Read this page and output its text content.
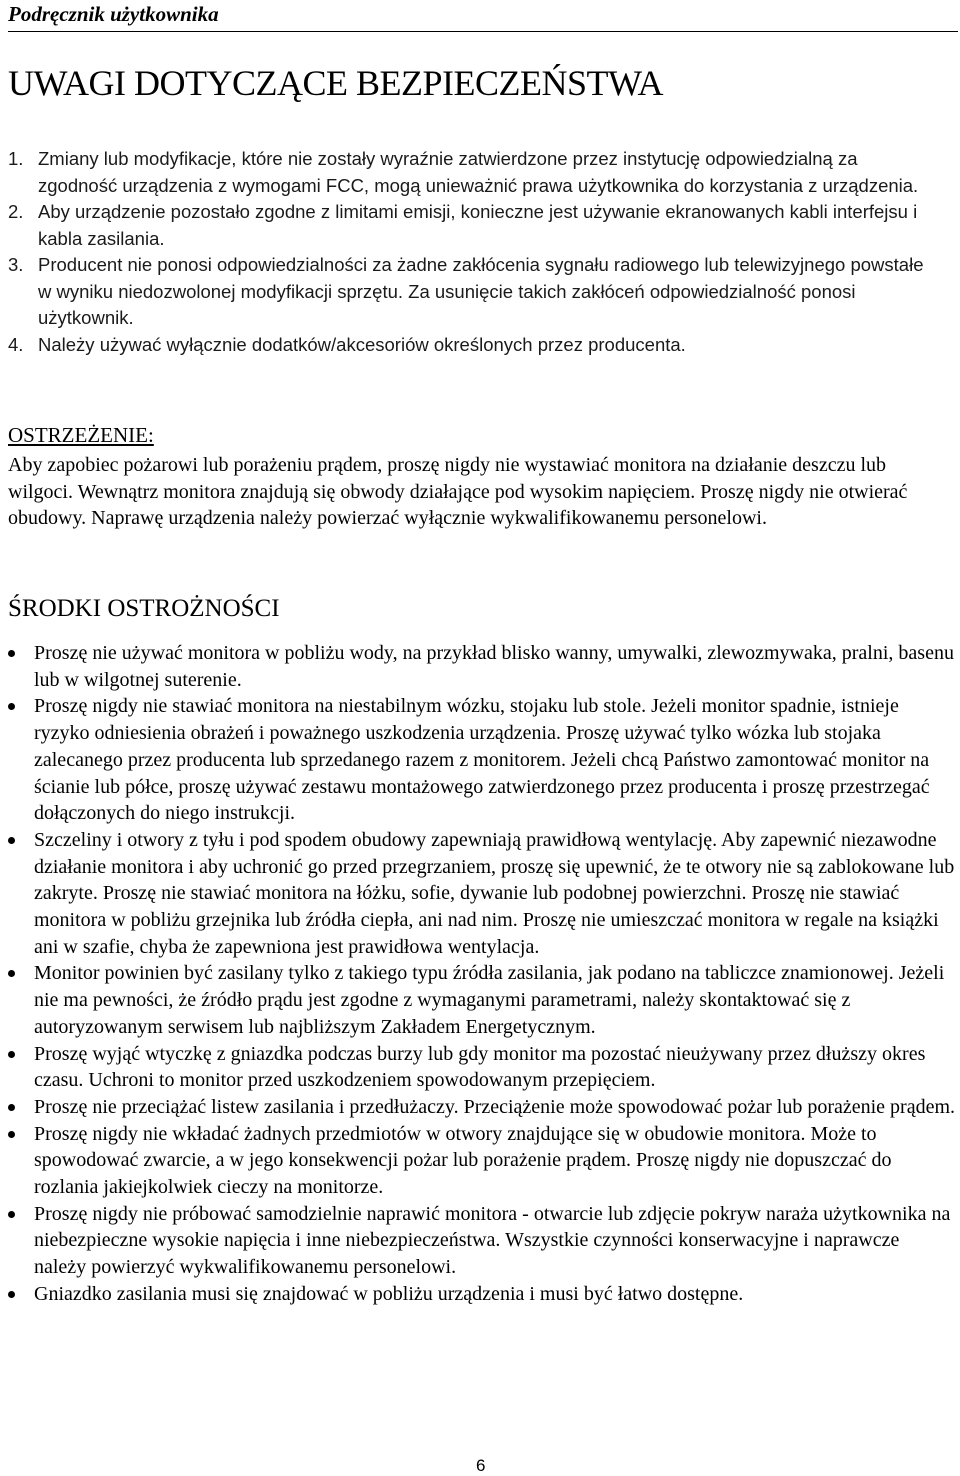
Podręcznik użytkownika
UWAGI DOTYCZĄCE BEZPIECZEŃSTWA
1. Zmiany lub modyfikacje, które nie zostały wyraźnie zatwierdzone przez instytucję odpowiedzialną za zgodność urządzenia z wymogami FCC, mogą unieważnić prawa użytkownika do korzystania z urządzenia.
2. Aby urządzenie pozostało zgodne z limitami emisji, konieczne jest używanie ekranowanych kabli interfejsu i kabla zasilania.
3. Producent nie ponosi odpowiedzialności za żadne zakłócenia sygnału radiowego lub telewizyjnego powstałe w wyniku niedozwolonej modyfikacji sprzętu. Za usunięcie takich zakłóceń odpowiedzialność ponosi użytkownik.
4. Należy używać wyłącznie dodatków/akcesoriów określonych przez producenta.
OSTRZEŻENIE:

Aby zapobiec pożarowi lub porażeniu prądem, proszę nigdy nie wystawiać monitora na działanie deszczu lub wilgoci. Wewnątrz monitora znajdują się obwody działające pod wysokim napięciem. Proszę nigdy nie otwierać obudowy. Naprawę urządzenia należy powierzać wyłącznie wykwalifikowanemu personelowi.

ŚRODKI OSTROŻNOŚCI
Proszę nie używać monitora w pobliżu wody, na przykład blisko wanny, umywalki, zlewozmywaka, pralni, basenu lub w wilgotnej suterenie.
Proszę nigdy nie stawiać monitora na niestabilnym wózku, stojaku lub stole. Jeżeli monitor spadnie, istnieje ryzyko odniesienia obrażeń i poważnego uszkodzenia urządzenia. Proszę używać tylko wózka lub stojaka zalecanego przez producenta lub sprzedanego razem z monitorem. Jeżeli chcą Państwo zamontować monitor na ścianie lub półce, proszę używać zestawu montażowego zatwierdzonego przez producenta i proszę przestrzegać dołączonych do niego instrukcji.
Szczeliny i otwory z tyłu i pod spodem obudowy zapewniają prawidłową wentylację. Aby zapewnić niezawodne działanie monitora i aby uchronić go przed przegrzaniem, proszę się upewnić, że te otwory nie są zablokowane lub zakryte. Proszę nie stawiać monitora na łóżku, sofie, dywanie lub podobnej powierzchni. Proszę nie stawiać monitora w pobliżu grzejnika lub źródła ciepła, ani nad nim. Proszę nie umieszczać monitora w regale na książki ani w szafie, chyba że zapewniona jest prawidłowa wentylacja.
Monitor powinien być zasilany tylko z takiego typu źródła zasilania, jak podano na tabliczce znamionowej. Jeżeli nie ma pewności, że źródło prądu jest zgodne z wymaganymi parametrami, należy skontaktować się z autoryzowanym serwisem lub najbliższym Zakładem Energetycznym.
Proszę wyjąć wtyczkę z gniazdka podczas burzy lub gdy monitor ma pozostać nieużywany przez dłuższy okres czasu. Uchroni to monitor przed uszkodzeniem spowodowanym przepięciem.
Proszę nie przeciążać listew zasilania i przedłużaczy. Przeciążenie może spowodować pożar lub porażenie prądem.
Proszę nigdy nie wkładać żadnych przedmiotów w otwory znajdujące się w obudowie monitora. Może to spowodować zwarcie, a w jego konsekwencji pożar lub porażenie prądem. Proszę nigdy nie dopuszczać do rozlania jakiejkolwiek cieczy na monitorze.
Proszę nigdy nie próbować samodzielnie naprawić monitora - otwarcie lub zdjęcie pokryw naraża użytkownika na niebezpieczne wysokie napięcia i inne niebezpieczeństwa. Wszystkie czynności konserwacyjne i naprawcze należy powierzyć wykwalifikowanemu personelowi.
Gniazdko zasilania musi się znajdować w pobliżu urządzenia i musi być łatwo dostępne.
6
